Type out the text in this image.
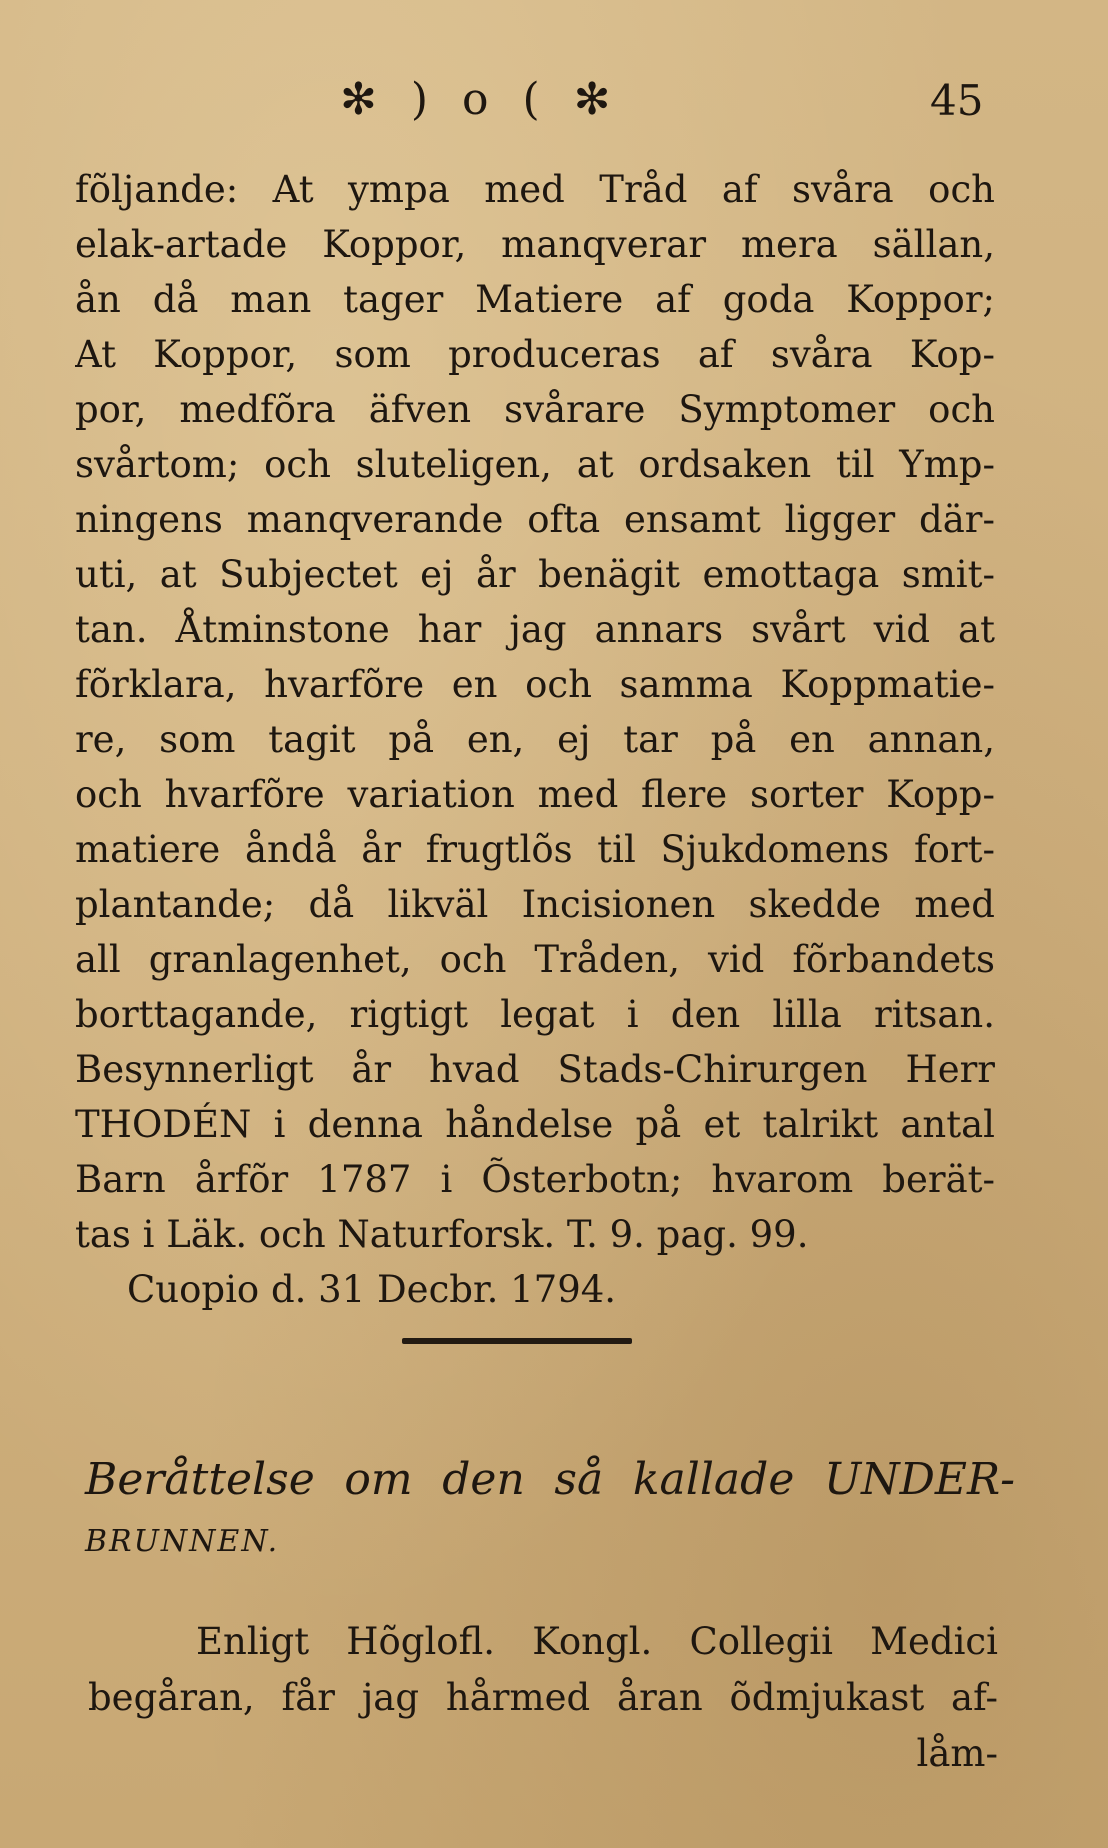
✻ ) o ( ✻	45
fõljande: At ympa med Tråd af svåra och
elak-artade Koppor, manqverar mera sällan,
ån då man tager Matiere af goda Koppor;
At Koppor, som produceras af svåra Kop-
por, medfõra äfven svårare Symptomer och
svårtom; och sluteligen, at ordsaken til Ymp-
ningens manqverande ofta ensamt ligger där-
uti, at Subjectet ej år benägit emottaga smit-
tan. Åtminstone har jag annars svårt vid at
fõrklara, hvarfõre en och samma Koppmatie-
re, som tagit på en, ej tar på en annan,
och hvarfõre variation med flere sorter Kopp-
matiere åndå år frugtlõs til Sjukdomens fort-
plantande; då likväl Incisionen skedde med
all granlagenhet, och Tråden, vid fõrbandets
borttagande, rigtigt legat i den lilla ritsan.
Besynnerligt år hvad Stads-Chirurgen Herr
THODÉN i denna håndelse på et talrikt antal
Barn årfõr 1787 i Õsterbotn; hvarom berät-
tas i Läk. och Naturforsk. T. 9. pag. 99.
Cuopio d. 31 Decbr. 1794.
Beråttelse om den så kallade UNDER-
BRUNNEN.
Enligt Hõglofl. Kongl. Collegii Medici
begåran, får jag hårmed åran õdmjukast af-
låm-
